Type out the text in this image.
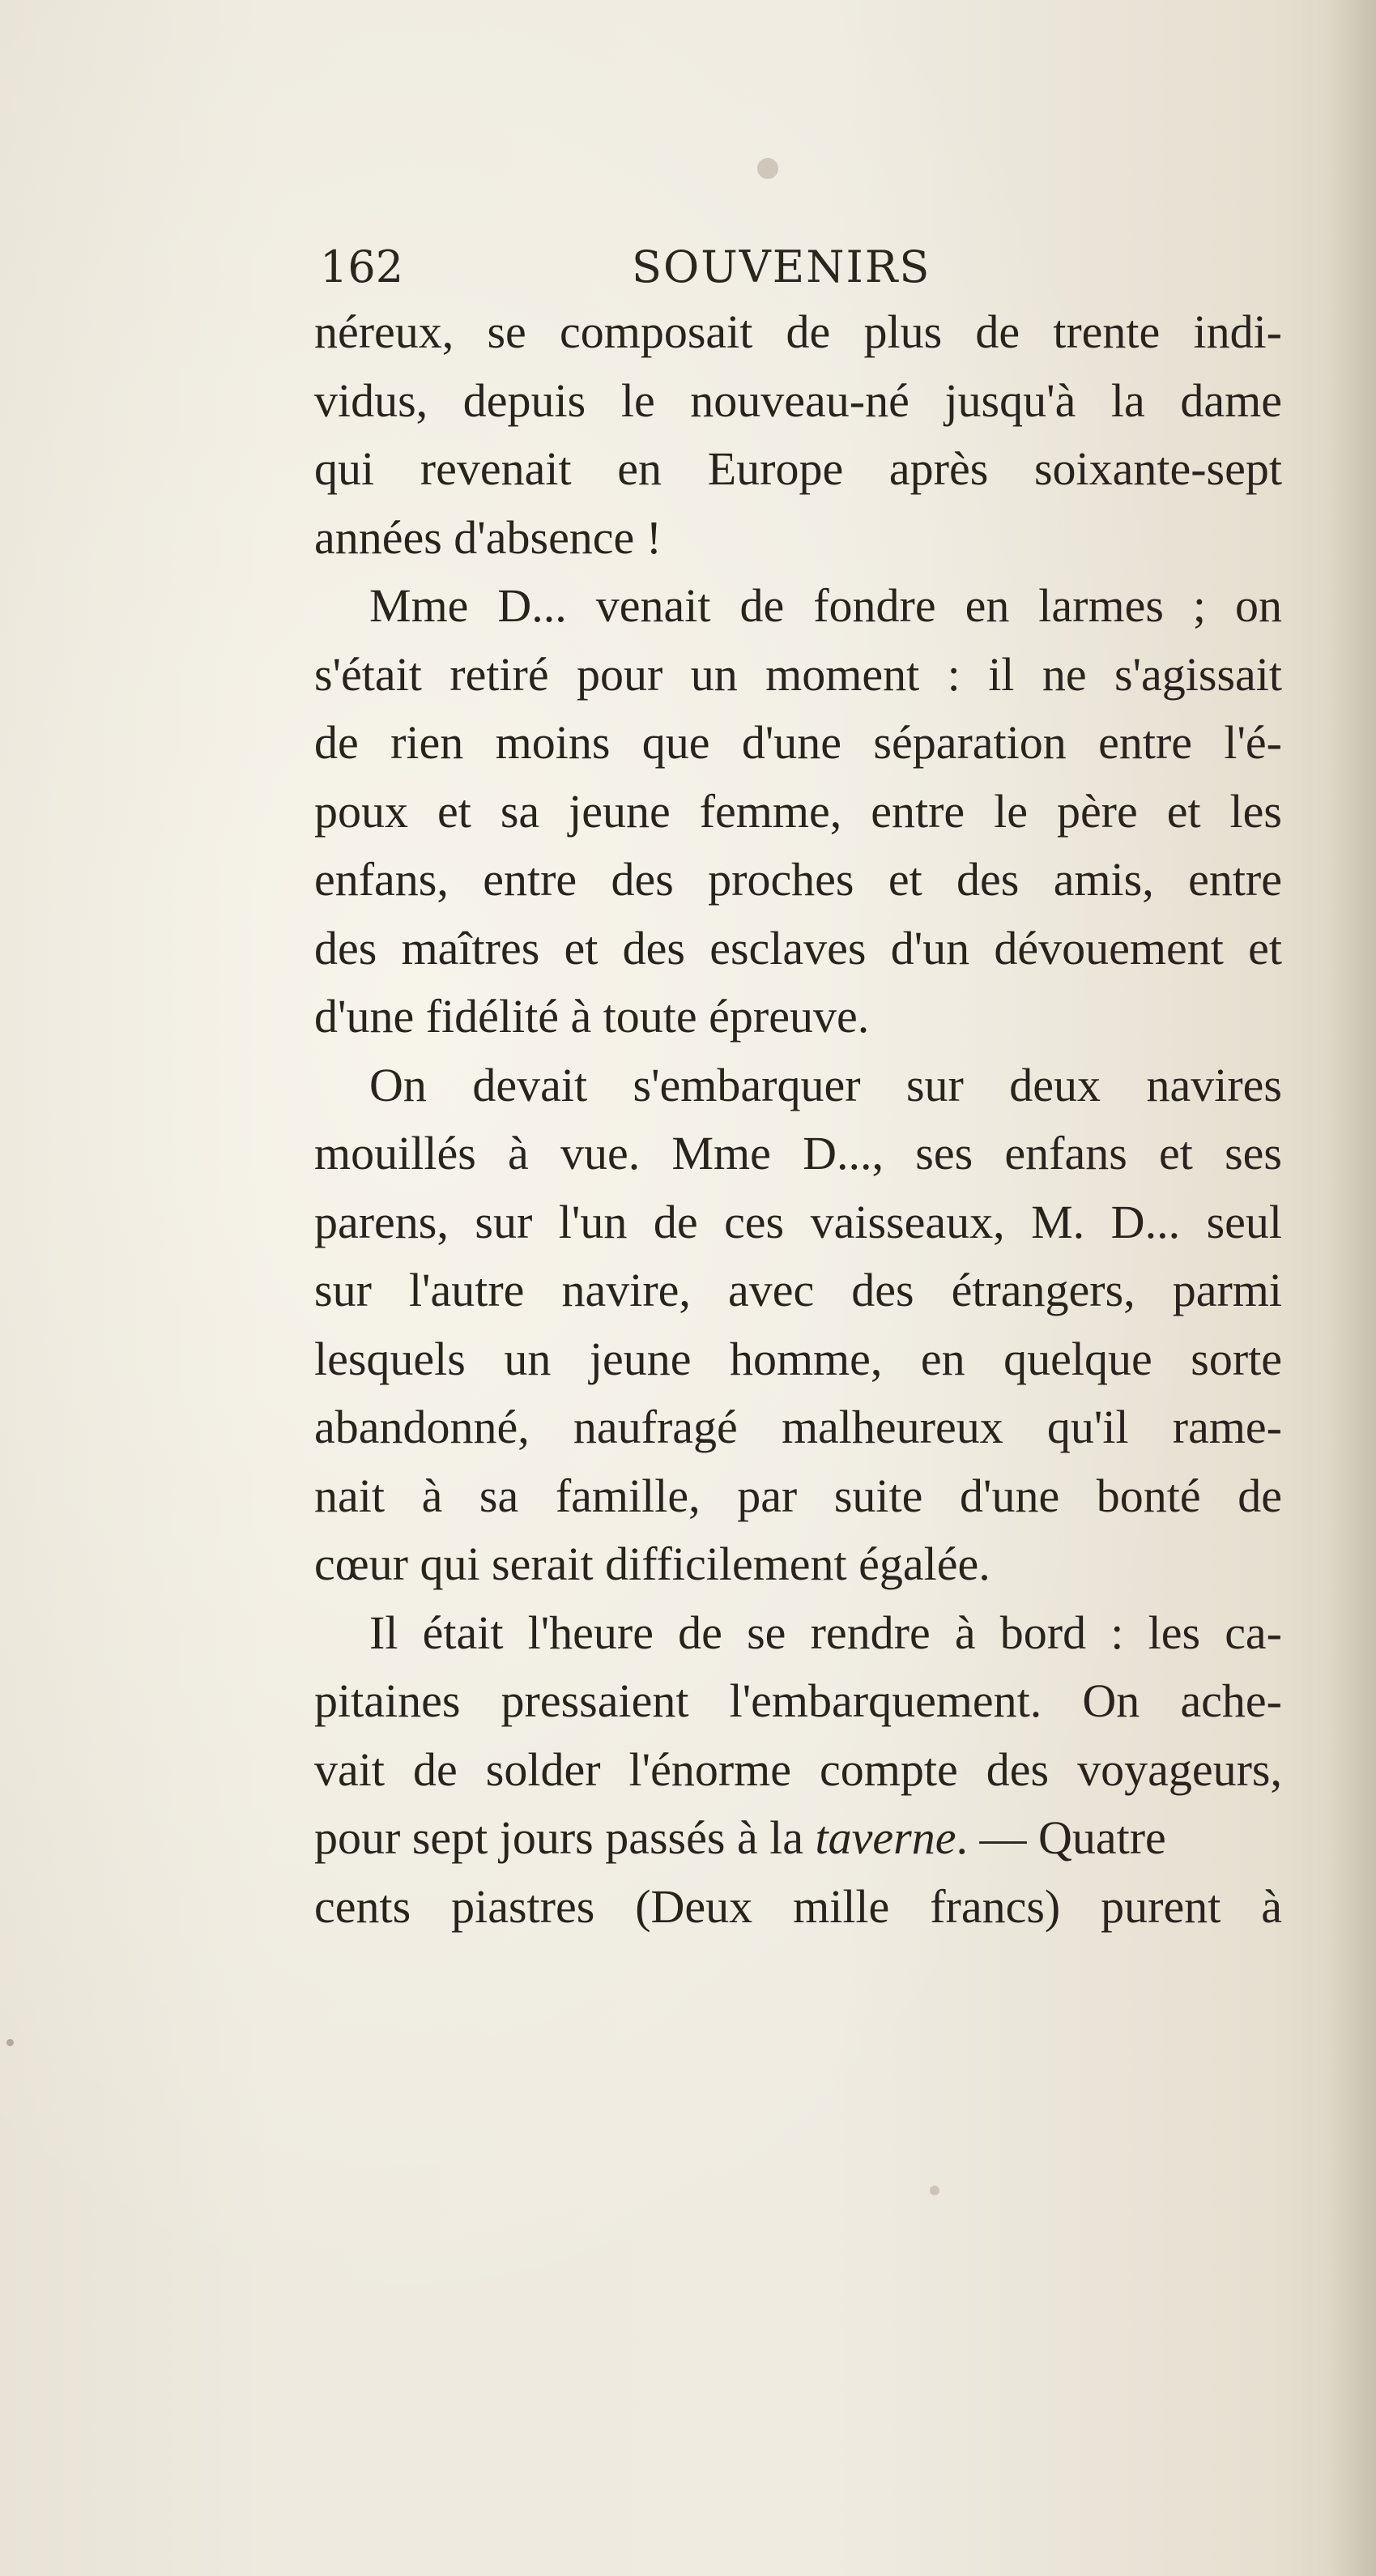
162	SOUVENIRS
néreux, se composait de plus de trente indi-
vidus, depuis le nouveau-né jusqu'à la dame
qui revenait en Europe après soixante-sept
années d'absence !
Mme D... venait de fondre en larmes ; on
s'était retiré pour un moment : il ne s'agissait
de rien moins que d'une séparation entre l'é-
poux et sa jeune femme, entre le père et les
enfans, entre des proches et des amis, entre
des maîtres et des esclaves d'un dévouement et
d'une fidélité à toute épreuve.
On devait s'embarquer sur deux navires
mouillés à vue. Mme D..., ses enfans et ses
parens, sur l'un de ces vaisseaux, M. D... seul
sur l'autre navire, avec des étrangers, parmi
lesquels un jeune homme, en quelque sorte
abandonné, naufragé malheureux qu'il rame-
nait à sa famille, par suite d'une bonté de
cœur qui serait difficilement égalée.
Il était l'heure de se rendre à bord : les ca-
pitaines pressaient l'embarquement. On ache-
vait de solder l'énorme compte des voyageurs,
pour sept jours passés à la taverne. — Quatre
cents piastres (Deux mille francs) purent à
